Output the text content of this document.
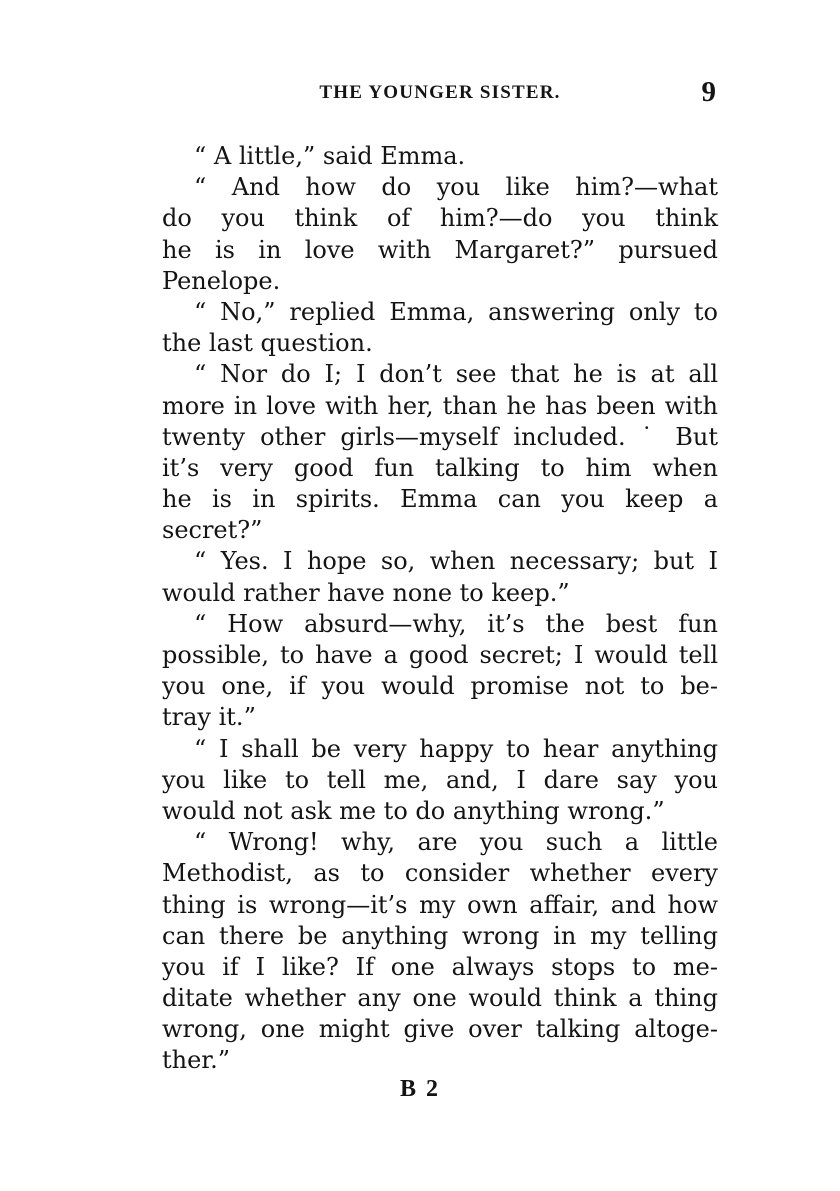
THE YOUNGER SISTER.	9
“ A little,” said Emma.
“ And how do you like him?—what
do you think of him?—do you think
he is in love with Margaret?” pursued
Penelope.
“ No,” replied Emma, answering only to
the last question.
“ Nor do I; I don’t see that he is at all
more in love with her, than he has been with
twenty other girls—myself included. ˙ But
it’s very good fun talking to him when
he is in spirits. Emma can you keep a
secret?”
“ Yes. I hope so, when necessary; but I
would rather have none to keep.”
“ How absurd—why, it’s the best fun
possible, to have a good secret; I would tell
you one, if you would promise not to be-
tray it.”
“ I shall be very happy to hear anything
you like to tell me, and, I dare say you
would not ask me to do anything wrong.”
“ Wrong! why, are you such a little
Methodist, as to consider whether every
thing is wrong—it’s my own affair, and how
can there be anything wrong in my telling
you if I like? If one always stops to me-
ditate whether any one would think a thing
wrong, one might give over talking altoge-
ther.”
B 2
